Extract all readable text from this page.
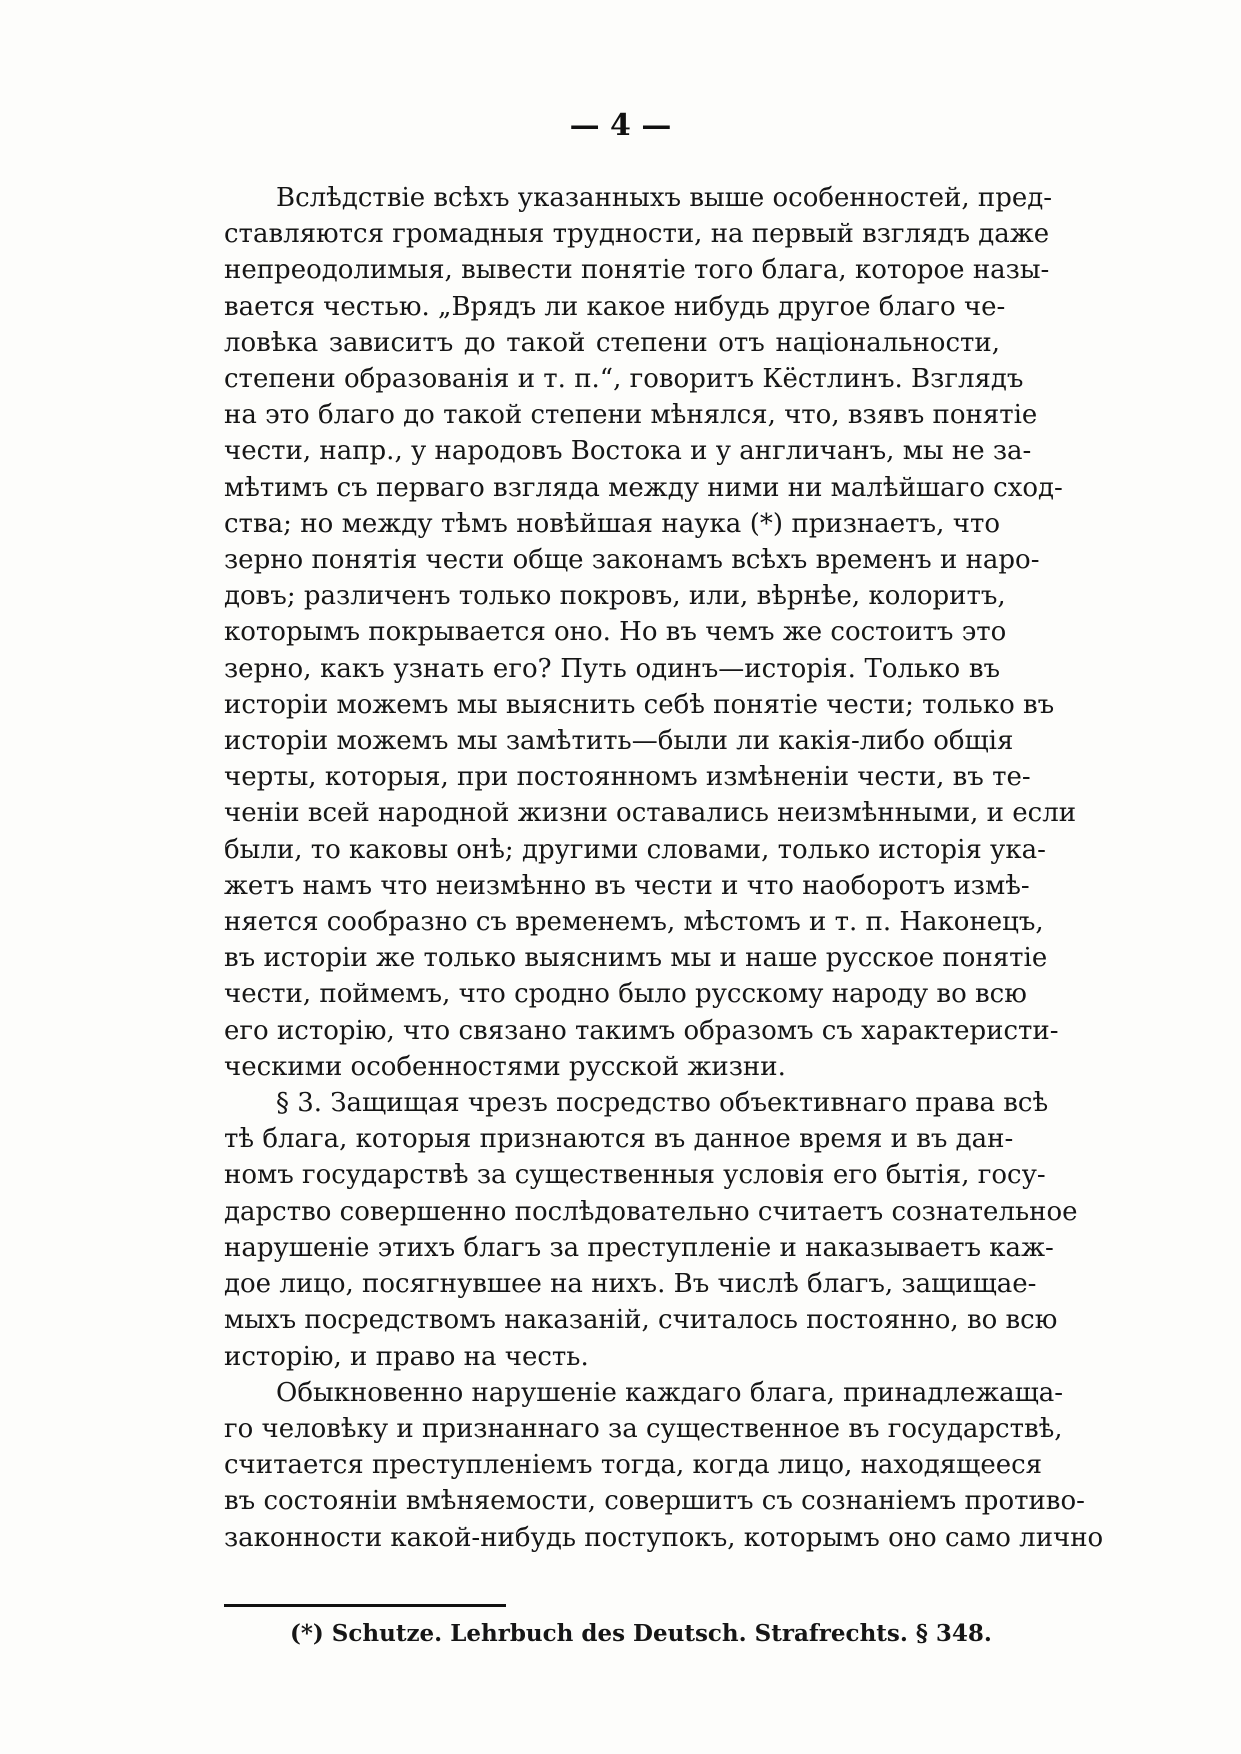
— 4 —
Вслѣдствіе всѣхъ указанныхъ выше особенностей, пред-
ставляются громадныя трудности, на первый взглядъ даже
непреодолимыя, вывести понятіе того блага, которое назы-
вается честью. „Врядъ ли какое нибудь другое благо че-
ловѣка зависитъ до такой степени отъ національности,
степени образованія и т. п.“, говоритъ Кёстлинъ. Взглядъ
на это благо до такой степени мѣнялся, что, взявъ понятіе
чести, напр., у народовъ Востока и у англичанъ, мы не за-
мѣтимъ съ перваго взгляда между ними ни малѣйшаго сход-
ства; но между тѣмъ новѣйшая наука (*) признаетъ, что
зерно понятія чести обще законамъ всѣхъ временъ и наро-
довъ; различенъ только покровъ, или, вѣрнѣе, колоритъ,
которымъ покрывается оно. Но въ чемъ же состоитъ это
зерно, какъ узнать его? Путь одинъ—исторія. Только въ
исторіи можемъ мы выяснить себѣ понятіе чести; только въ
исторіи можемъ мы замѣтить—были ли какія-либо общія
черты, которыя, при постоянномъ измѣненіи чести, въ те-
ченіи всей народной жизни оставались неизмѣнными, и если
были, то каковы онѣ; другими словами, только исторія ука-
жетъ намъ что неизмѣнно въ чести и что наоборотъ измѣ-
няется сообразно съ временемъ, мѣстомъ и т. п. Наконецъ,
въ исторіи же только выяснимъ мы и наше русское понятіе
чести, поймемъ, что сродно было русскому народу во всю
его исторію, что связано такимъ образомъ съ характеристи-
ческими особенностями русской жизни.
§ 3. Защищая чрезъ посредство объективнаго права всѣ
тѣ блага, которыя признаются въ данное время и въ дан-
номъ государствѣ за существенныя условія его бытія, госу-
дарство совершенно послѣдовательно считаетъ сознательное
нарушеніе этихъ благъ за преступленіе и наказываетъ каж-
дое лицо, посягнувшее на нихъ. Въ числѣ благъ, защищае-
мыхъ посредствомъ наказаній, считалось постоянно, во всю
исторію, и право на честь.
Обыкновенно нарушеніе каждаго блага, принадлежаща-
го человѣку и признаннаго за существенное въ государствѣ,
считается преступленіемъ тогда, когда лицо, находящееся
въ состояніи вмѣняемости, совершитъ съ сознаніемъ противо-
законности какой-нибудь поступокъ, которымъ оно само лично
(*) Schutze. Lehrbuch des Deutsch. Strafrechts. § 348.
